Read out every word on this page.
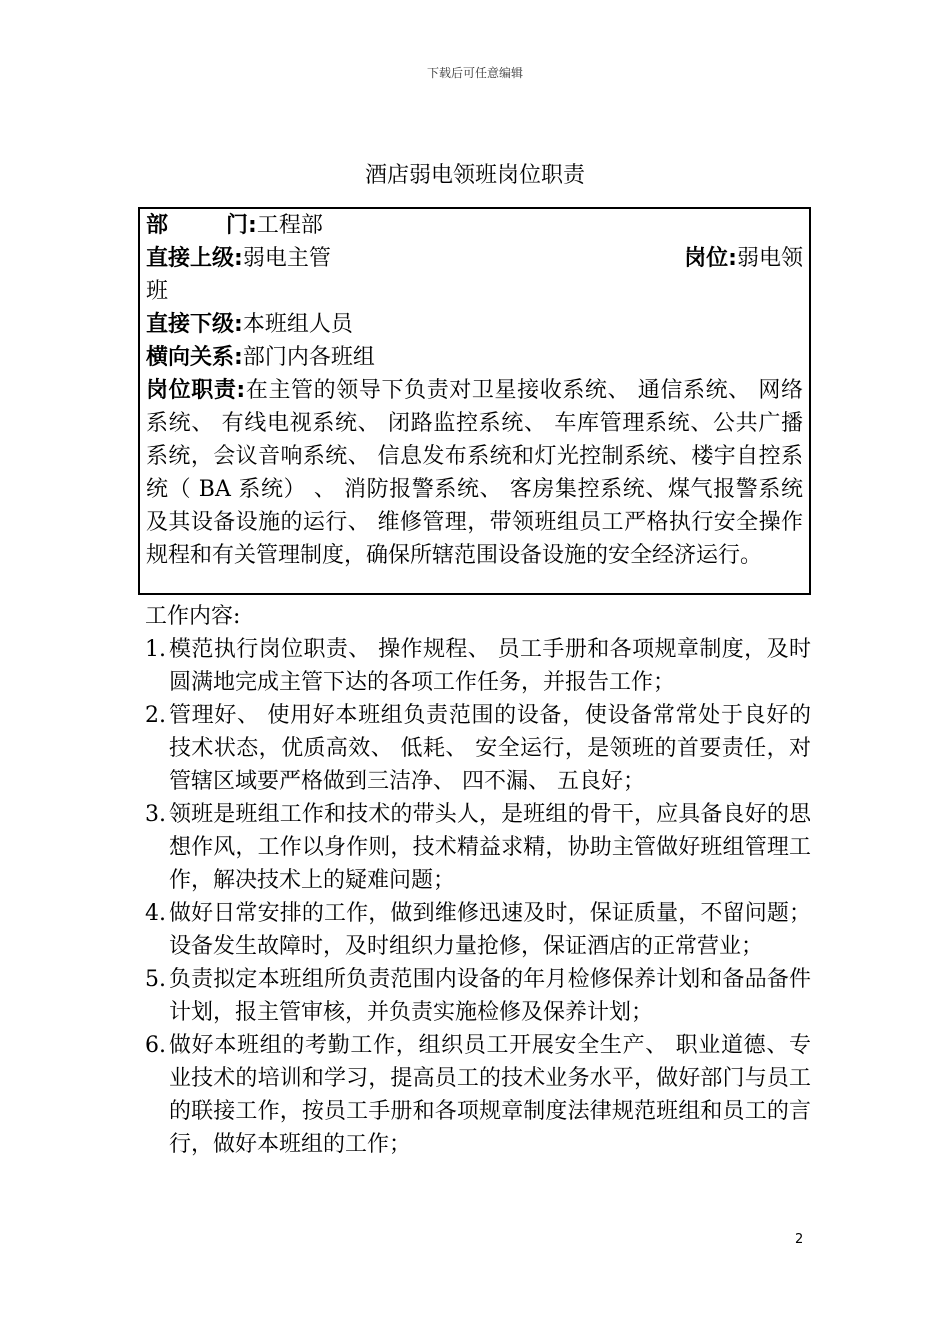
下载后可任意编辑
酒店弱电领班岗位职责
部	门:工程部
直接上级:弱电主管	岗位:弱电领
班
直接下级:本班组人员
横向关系:部门内各班组
岗位职责:在主管的领导下负责对卫星接收系统、 通信系统、 网络系统、 有线电视系统、 闭路监控系统、 车库管理系统、公共广播系统，会议音响系统、 信息发布系统和灯光控制系统、楼宇自控系统（ BA 系统） 、 消防报警系统、 客房集控系统、煤气报警系统及其设备设施的运行、 维修管理，带领班组员工严格执行安全操作规程和有关管理制度，确保所辖范围设备设施的安全经济运行。
工作内容:
1. 模范执行岗位职责、 操作规程、 员工手册和各项规章制度，及时圆满地完成主管下达的各项工作任务，并报告工作；
2. 管理好、 使用好本班组负责范围的设备，使设备常常处于良好的技术状态，优质高效、 低耗、 安全运行，是领班的首要责任，对管辖区域要严格做到三洁净、 四不漏、 五良好；
3. 领班是班组工作和技术的带头人，是班组的骨干，应具备良好的思想作风，工作以身作则，技术精益求精，协助主管做好班组管理工作，解决技术上的疑难问题；
4. 做好日常安排的工作，做到维修迅速及时，保证质量，不留问题；设备发生故障时，及时组织力量抢修，保证酒店的正常营业；
5. 负责拟定本班组所负责范围内设备的年月检修保养计划和备品备件计划，报主管审核，并负责实施检修及保养计划；
6. 做好本班组的考勤工作，组织员工开展安全生产、 职业道德、专业技术的培训和学习，提高员工的技术业务水平，做好部门与员工的联接工作，按员工手册和各项规章制度法律规范班组和员工的言行，做好本班组的工作；
2
